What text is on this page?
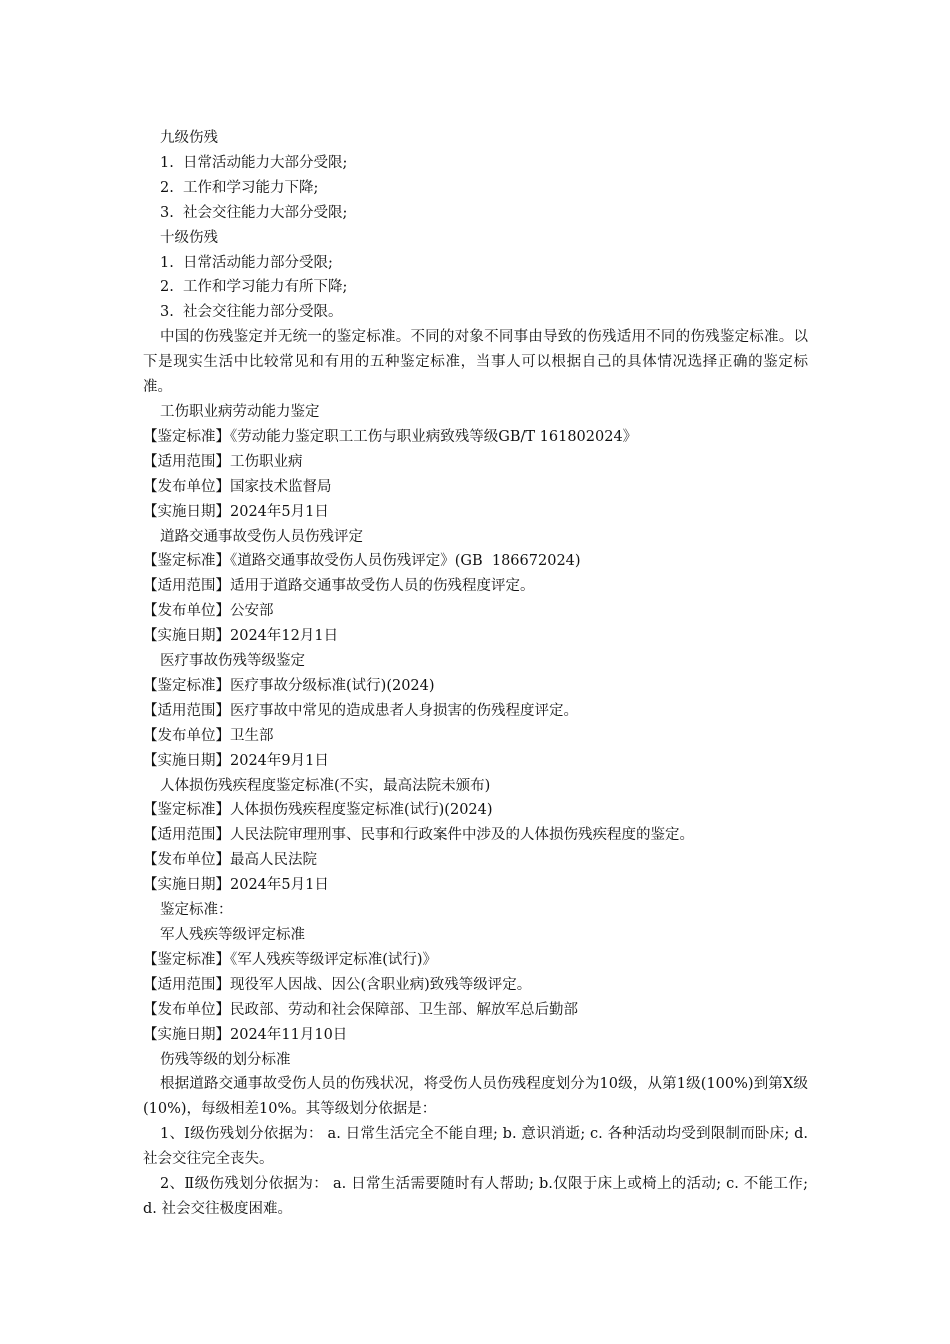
九级伤残
1.  日常活动能力大部分受限;
2.  工作和学习能力下降;
3.  社会交往能力大部分受限;
十级伤残
1.  日常活动能力部分受限;
2.  工作和学习能力有所下降;
3.  社会交往能力部分受限。

中国的伤残鉴定并无统一的鉴定标准。不同的对象不同事由导致的伤残适用不同的伤残鉴定标准。以下是现实生活中比较常见和有用的五种鉴定标准，当事人可以根据自己的具体情况选择正确的鉴定标准。

工伤职业病劳动能力鉴定
【鉴定标准】《劳动能力鉴定职工工伤与职业病致残等级GB/T 161802024》
【适用范围】工伤职业病
【发布单位】国家技术监督局
【实施日期】2024年5月1日
道路交通事故受伤人员伤残评定
【鉴定标准】《道路交通事故受伤人员伤残评定》(GB  186672024)
【适用范围】适用于道路交通事故受伤人员的伤残程度评定。
【发布单位】公安部
【实施日期】2024年12月1日
医疗事故伤残等级鉴定
【鉴定标准】医疗事故分级标准(试行)(2024)
【适用范围】医疗事故中常见的造成患者人身损害的伤残程度评定。
【发布单位】卫生部
【实施日期】2024年9月1日
人体损伤残疾程度鉴定标准(不实，最高法院未颁布)
【鉴定标准】人体损伤残疾程度鉴定标准(试行)(2024)
【适用范围】人民法院审理刑事、民事和行政案件中涉及的人体损伤残疾程度的鉴定。
【发布单位】最高人民法院
【实施日期】2024年5月1日
鉴定标准：
军人残疾等级评定标准
【鉴定标准】《军人残疾等级评定标准(试行)》
【适用范围】现役军人因战、因公(含职业病)致残等级评定。
【发布单位】民政部、劳动和社会保障部、卫生部、解放军总后勤部
【实施日期】2024年11月10日
伤残等级的划分标准

根据道路交通事故受伤人员的伤残状况，将受伤人员伤残程度划分为10级，从第1级(100%)到第X级(10%)，每级相差10%。其等级划分依据是：

1、Ⅰ级伤残划分依据为： a. 日常生活完全不能自理; b. 意识消逝; c. 各种活动均受到限制而卧床; d. 社会交往完全丧失。

2、Ⅱ级伤残划分依据为： a. 日常生活需要随时有人帮助; b.仅限于床上或椅上的活动; c. 不能工作; d. 社会交往极度困难。
